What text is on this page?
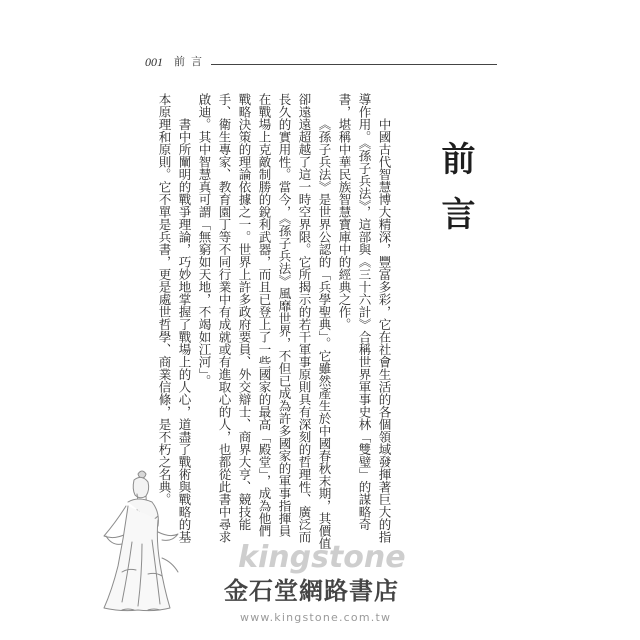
001 前言
前言

中國古代智慧博大精深，豐富多彩，它在社會生活的各個領域發揮著巨大的指
導作用。《孫子兵法》，這部與《三十六計》合稱世界軍事史林「雙璧」的謀略奇
書，堪稱中華民族智慧寶庫中的經典之作。

《孫子兵法》是世界公認的「兵學聖典」。它雖然產生於中國春秋末期，其價值
卻遠遠超越了這一時空界限。它所揭示的若干軍事原則具有深刻的哲理性、廣泛而
長久的實用性。當今，《孫子兵法》風靡世界，不但已成為許多國家的軍事指揮員
在戰場上克敵制勝的銳利武器，而且已登上了一些國家的最高「殿堂」，成為他們
戰略決策的理論依據之一。世界上許多政府要員、外交辯士、商界大亨、競技能
手、衛生專家、教育園丁等不同行業中有成就或有進取心的人，也都從此書中尋求
啟迪。其中智慧真可謂「無窮如天地，不竭如江河」。

書中所闡明的戰爭理論，巧妙地掌握了戰場上的人心，道盡了戰術與戰略的基
本原理和原則。它不單是兵書，更是處世哲學、商業信條，是不朽之名典。

kingstone
金石堂網路書店
www.kingstone.com.tw
